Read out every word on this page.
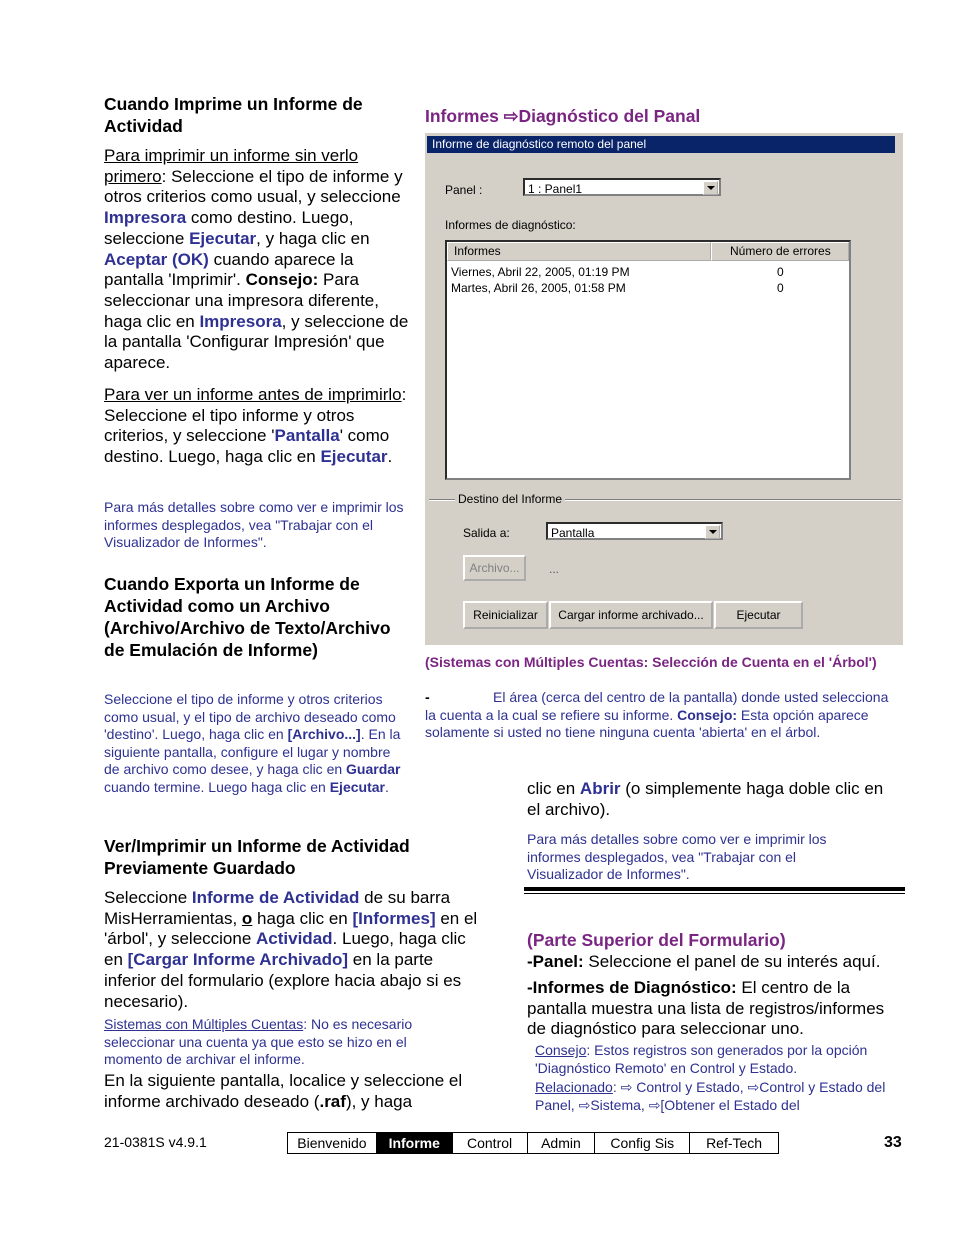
Cuando Imprime un Informe de Actividad

Para imprimir un informe sin verlo primero: Seleccione el tipo de informe y otros criterios como usual, y seleccione Impresora como destino. Luego, seleccione Ejecutar, y haga clic en Aceptar (OK) cuando aparece la pantalla 'Imprimir'. Consejo: Para seleccionar una impresora diferente, haga clic en Impresora, y seleccione de la pantalla 'Configurar Impresión' que aparece.

Para ver un informe antes de imprimirlo: Seleccione el tipo informe y otros criterios, y seleccione 'Pantalla' como destino. Luego, haga clic en Ejecutar.

Para más detalles sobre como ver e imprimir los informes desplegados, vea "Trabajar con el Visualizador de Informes".

Cuando Exporta un Informe de Actividad como un Archivo (Archivo/Archivo de Texto/Archivo de Emulación de Informe)

Seleccione el tipo de informe y otros criterios como usual, y el tipo de archivo deseado como 'destino'. Luego, haga clic en [Archivo...]. En la siguiente pantalla, configure el lugar y nombre de archivo como desee, y haga clic en Guardar cuando termine. Luego haga clic en Ejecutar.

Ver/Imprimir un Informe de Actividad Previamente Guardado

Seleccione Informe de Actividad de su barra MisHerramientas, o haga clic en [Informes] en el 'árbol', y seleccione Actividad. Luego, haga clic en [Cargar Informe Archivado] en la parte inferior del formulario (explore hacia abajo si es necesario).

Sistemas con Múltiples Cuentas: No es necesario seleccionar una cuenta ya que esto se hizo en el momento de archivar el informe.

En la siguiente pantalla, localice y seleccione el informe archivado deseado (.raf), y haga

Informes ⇨Diagnóstico del Panal
Informe de diagnóstico remoto del panel
Panel :	1 : Panel1
Informes de diagnóstico:
Informes	Número de errores
Viernes, Abril 22, 2005, 01:19 PM	0
Martes, Abril 26, 2005, 01:58 PM	0
Destino del Informe
Salida a:	Pantalla
Archivo...	...
Reinicializar	Cargar informe archivado...	Ejecutar

(Sistemas con Múltiples Cuentas: Selección de Cuenta en el 'Árbol')

-	El área (cerca del centro de la pantalla) donde usted selecciona la cuenta a la cual se refiere su informe. Consejo: Esta opción aparece solamente si usted no tiene ninguna cuenta 'abierta' en el árbol.

clic en Abrir (o simplemente haga doble clic en el archivo).

Para más detalles sobre como ver e imprimir los informes desplegados, vea "Trabajar con el Visualizador de Informes".

(Parte Superior del Formulario)

-Panel: Seleccione el panel de su interés aquí.

-Informes de Diagnóstico: El centro de la pantalla muestra una lista de registros/informes de diagnóstico para seleccionar uno.

Consejo: Estos registros son generados por la opción 'Diagnóstico Remoto' en Control y Estado.

Relacionado: ⇨ Control y Estado, ⇨Control y Estado del Panel, ⇨Sistema, ⇨[Obtener el Estado del

21-0381S v4.9.1	Bienvenido	Informe	Control	Admin	Config Sis	Ref-Tech	33
